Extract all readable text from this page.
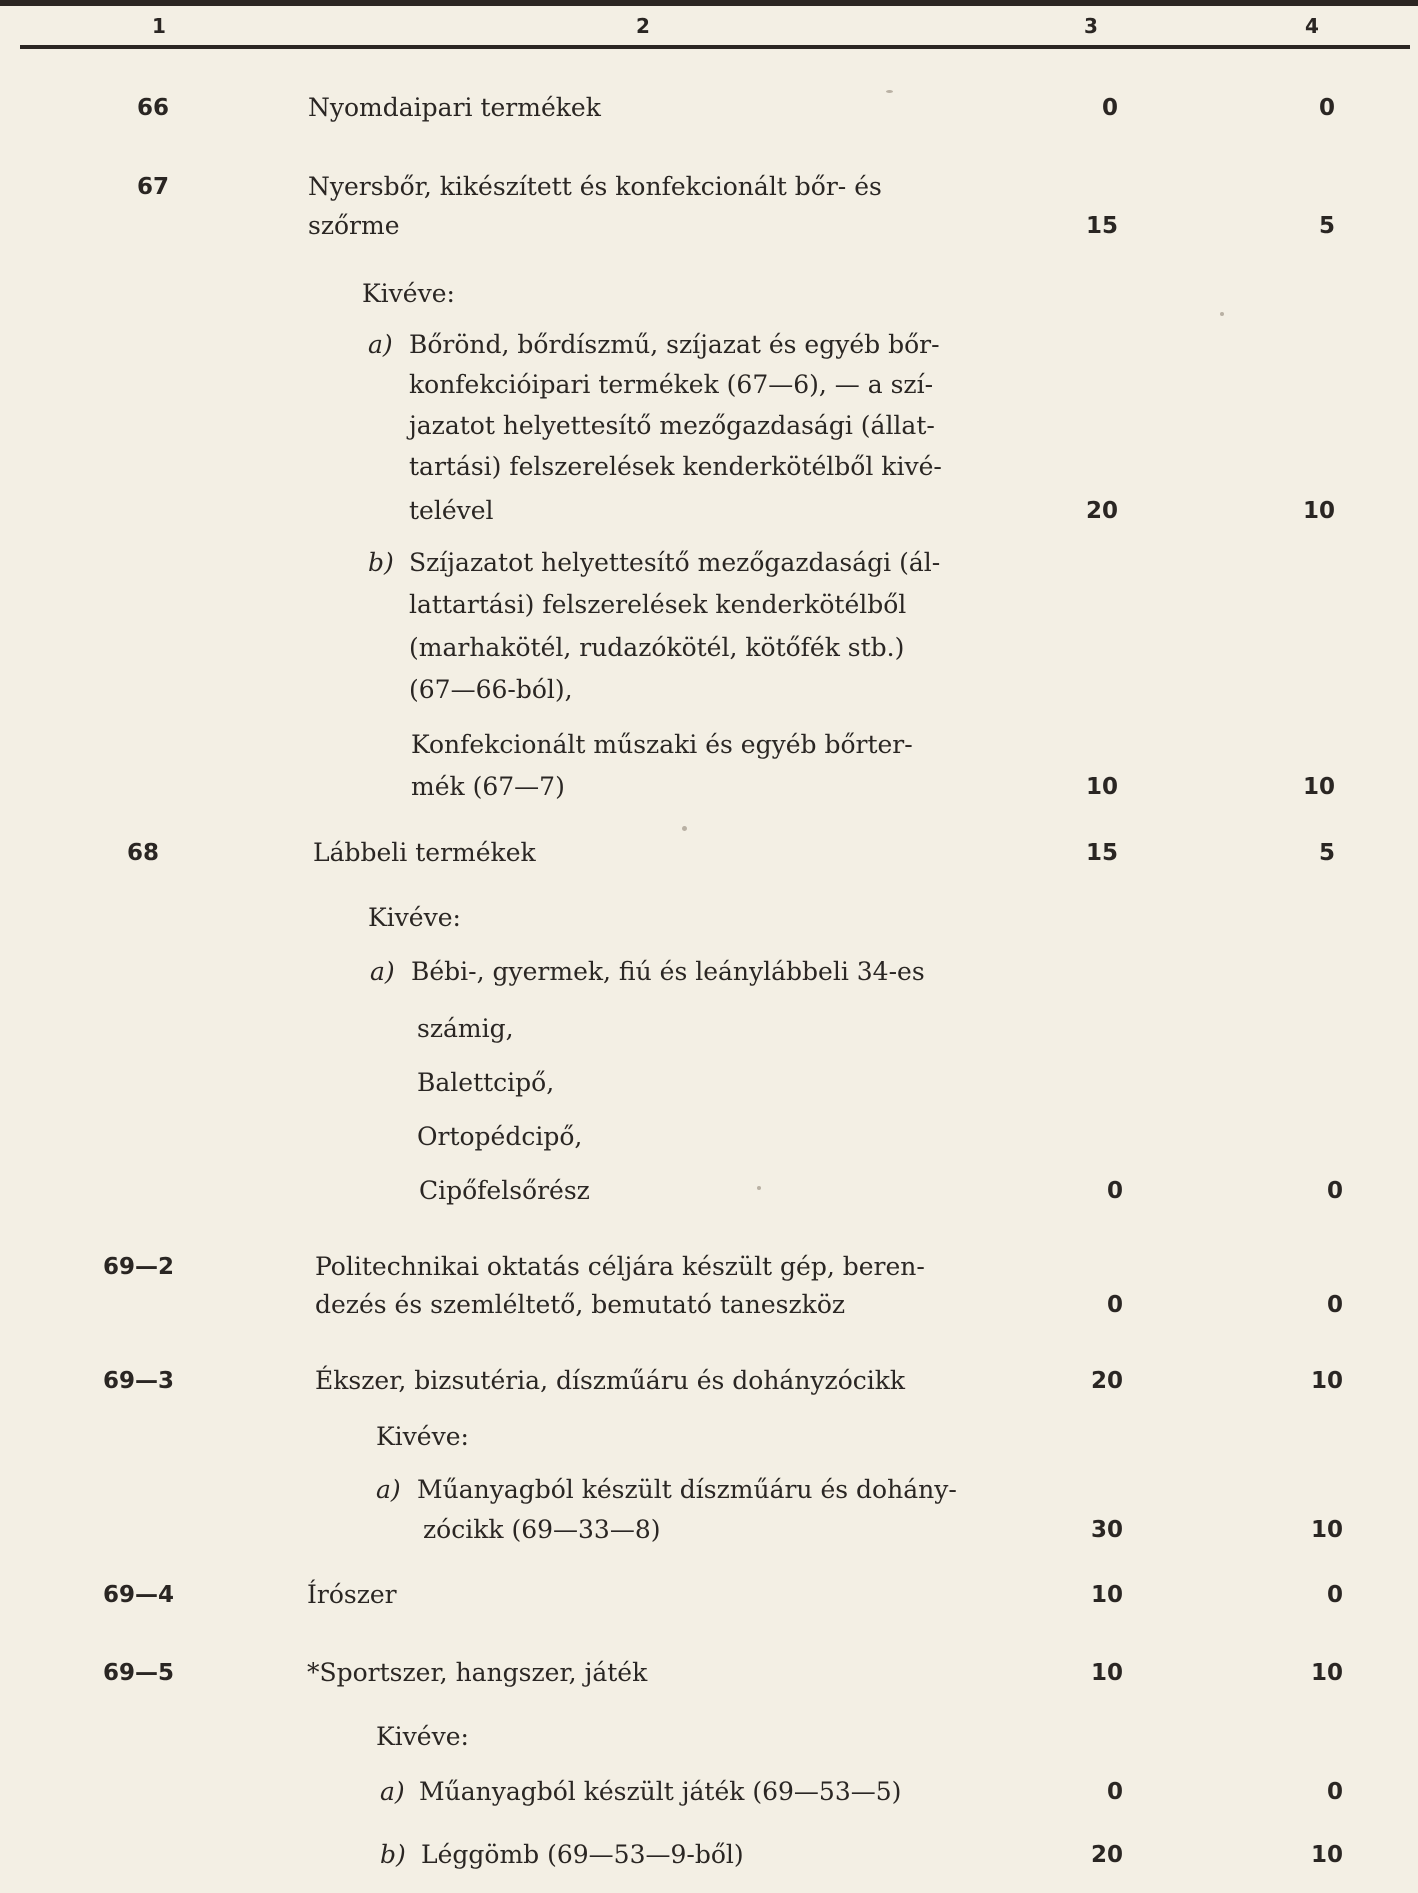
1	2	3	4
66	Nyomdaipari termékek	0	0
67	Nyersbőr, kikészített és konfekcionált bőr- és
szőrme	15	5
Kivéve:
a) Bőrönd, bőrdíszmű, szíjazat és egyéb bőr-
konfekcióipari termékek (67—6), — a szí-
jazatot helyettesítő mezőgazdasági (állat-
tartási) felszerelések kenderkötélből kivé-
telével	20	10
b) Szíjazatot helyettesítő mezőgazdasági (ál-
lattartási) felszerelések kenderkötélből
(marhakötél, rudazókötél, kötőfék stb.)
(67—66-ból),
Konfekcionált műszaki és egyéb bőrter-
mék (67—7)	10	10
68	Lábbeli termékek	15	5
Kivéve:
a) Bébi-, gyermek, fiú és leánylábbeli 34-es
számig,
Balettcipő,
Ortopédcipő,
Cipőfelsőrész	0	0
69—2	Politechnikai oktatás céljára készült gép, beren-
dezés és szemléltető, bemutató taneszköz	0	0
69—3	Ékszer, bizsutéria, díszműáru és dohányzócikk	20	10
Kivéve:
a) Műanyagból készült díszműáru és dohány-
zócikk (69—33—8)	30	10
69—4	Írószer	10	0
69—5	*Sportszer, hangszer, játék	10	10
Kivéve:
a) Műanyagból készült játék (69—53—5)	0	0
b) Léggömb (69—53—9-ből)	20	10
